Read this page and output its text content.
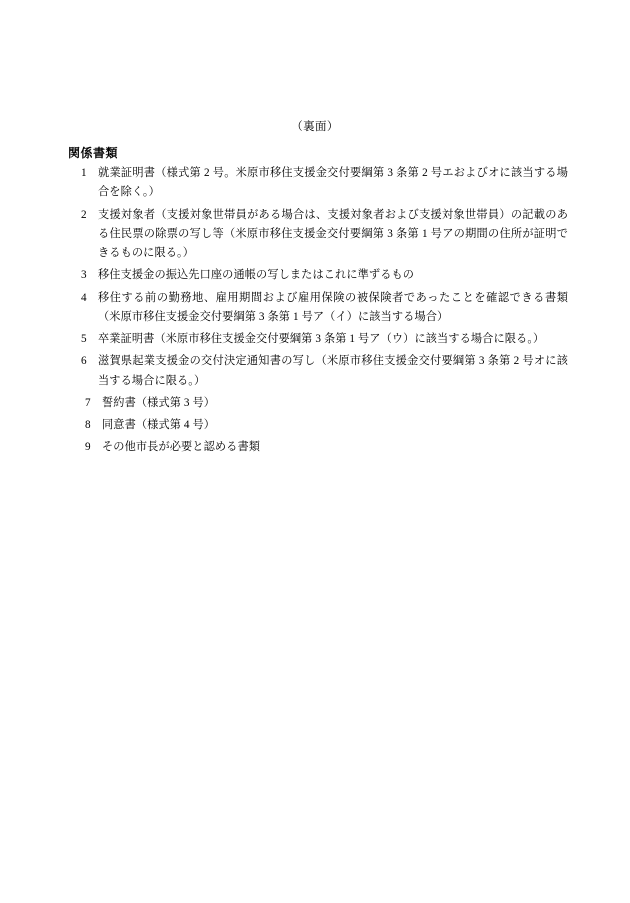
（裏面）
関係書類
1	就業証明書（様式第 2 号。米原市移住支援金交付要綱第 3 条第 2 号エおよびオに該当する場合を除く。）
2	支援対象者（支援対象世帯員がある場合は、支援対象者および支援対象世帯員）の記載のある住民票の除票の写し等（米原市移住支援金交付要綱第 3 条第 1 号アの期間の住所が証明できるものに限る。）
3	移住支援金の振込先口座の通帳の写しまたはこれに準ずるもの
4	移住する前の勤務地、雇用期間および雇用保険の被保険者であったことを確認できる書類（米原市移住支援金交付要綱第 3 条第 1 号ア（イ）に該当する場合）
5	卒業証明書（米原市移住支援金交付要綱第 3 条第 1 号ア（ウ）に該当する場合に限る。）
6	滋賀県起業支援金の交付決定通知書の写し（米原市移住支援金交付要綱第 3 条第 2 号オに該当する場合に限る。）
7	誓約書（様式第 3 号）
8	同意書（様式第 4 号）
9	その他市長が必要と認める書類
